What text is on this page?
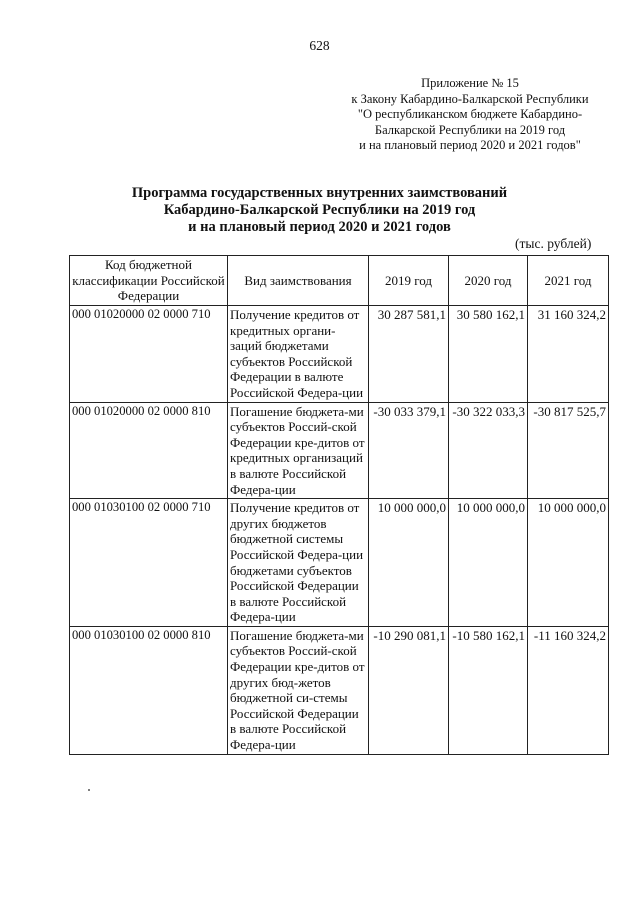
628
Приложение № 15
к Закону Кабардино-Балкарской Республики
"О республиканском бюджете Кабардино-
Балкарской Республики на 2019 год
и на плановый период 2020 и 2021 годов"
Программа государственных внутренних заимствований
Кабардино-Балкарской Республики на 2019 год
и на плановый период 2020 и 2021 годов
(тыс. рублей)
Код бюджетной классификации Российской Федерации	Вид заимствования	2019 год	2020 год	2021 год
000 01020000 02 0000 710	Получение кредитов от кредитных органи-заций бюджетами субъектов Российской Федерации в валюте Российской Федера-ции	30 287 581,1	30 580 162,1	31 160 324,2
000 01020000 02 0000 810	Погашение бюджета-ми субъектов Россий-ской Федерации кре-дитов от кредитных организаций в валюте Российской Федера-ции	-30 033 379,1	-30 322 033,3	-30 817 525,7
000 01030100 02 0000 710	Получение кредитов от других бюджетов бюджетной системы Российской Федера-ции бюджетами субъектов Российской Федерации в валюте Российской Федера-ции	10 000 000,0	10 000 000,0	10 000 000,0
000 01030100 02 0000 810	Погашение бюджета-ми субъектов Россий-ской Федерации кре-дитов от других бюд-жетов бюджетной си-стемы Российской Федерации в валюте Российской Федера-ции	-10 290 081,1	-10 580 162,1	-11 160 324,2
